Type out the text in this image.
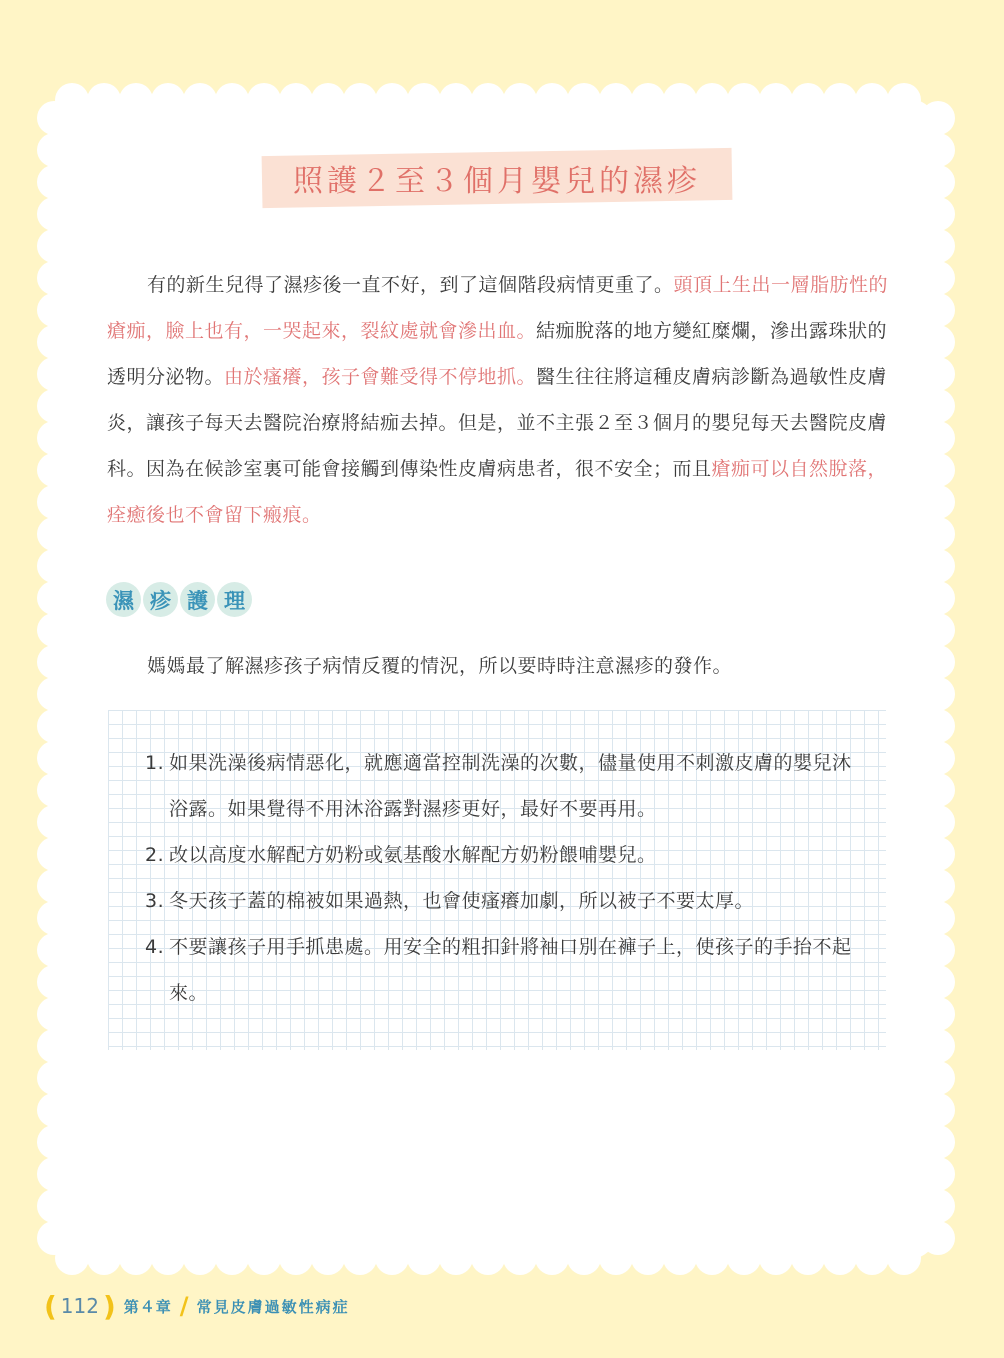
照護２至３個月嬰兒的濕疹

有的新生兒得了濕疹後一直不好，到了這個階段病情更重了。頭頂上生出一層脂肪性的瘡痂，臉上也有，一哭起來，裂紋處就會滲出血。結痂脫落的地方變紅糜爛，滲出露珠狀的透明分泌物。由於瘙癢，孩子會難受得不停地抓。醫生往往將這種皮膚病診斷為過敏性皮膚炎，讓孩子每天去醫院治療將結痂去掉。但是，並不主張２至３個月的嬰兒每天去醫院皮膚科。因為在候診室裏可能會接觸到傳染性皮膚病患者，很不安全；而且瘡痂可以自然脫落，痊癒後也不會留下瘢痕。

濕 疹 護 理
媽媽最了解濕疹孩子病情反覆的情況，所以要時時注意濕疹的發作。
1. 如果洗澡後病情惡化，就應適當控制洗澡的次數，儘量使用不刺激皮膚的嬰兒沐浴露。如果覺得不用沐浴露對濕疹更好，最好不要再用。
2. 改以高度水解配方奶粉或氨基酸水解配方奶粉餵哺嬰兒。
3. 冬天孩子蓋的棉被如果過熱，也會使瘙癢加劇，所以被子不要太厚。
4. 不要讓孩子用手抓患處。用安全的粗扣針將袖口別在褲子上，使孩子的手抬不起來。
( 112 ) 第４章 / 常見皮膚過敏性病症
